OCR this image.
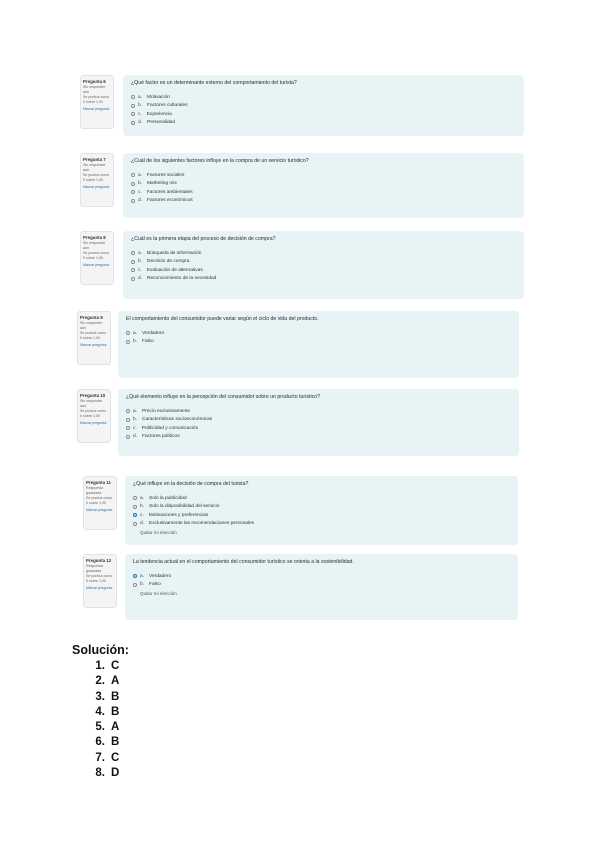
Pregunta 6
Sin responder aún
Se puntúa como 0 sobre 1,00
Marcar pregunta
¿Qué factor es un determinante externo del comportamiento del turista?
a. Motivación
b. Factores culturales
c. Experiencia
d. Personalidad
Pregunta 7
Sin responder aún
Se puntúa como 0 sobre 1,00
Marcar pregunta
¿Cuál de los siguientes factores influye en la compra de un servicio turístico?
a. Factores sociales
b. Marketing mix
c. Factores ambientales
d. Factores económicos
Pregunta 8
Sin responder aún
Se puntúa como 0 sobre 1,00
Marcar pregunta
¿Cuál es la primera etapa del proceso de decisión de compra?
a. Búsqueda de información
b. Decisión de compra
c. Evaluación de alternativas
d. Reconocimiento de la necesidad
Pregunta 9
Sin responder aún
Se puntúa como 0 sobre 1,00
Marcar pregunta
El comportamiento del consumidor puede variar según el ciclo de vida del producto.
a. Verdadero
b. Falso
Pregunta 10
Sin responder aún
Se puntúa como 0 sobre 1,00
Marcar pregunta
¿Qué elemento influye en la percepción del consumidor sobre un producto turístico?
a. Precio exclusivamente
b. Características socioeconómicas
c. Publicidad y comunicación
d. Factores políticos
Pregunta 11
Respuesta guardada
Se puntúa como 0 sobre 1,00
Marcar pregunta
¿Qué influye en la decisión de compra del turista?
a. Solo la publicidad
b. Solo la disponibilidad del servicio
c. Motivaciones y preferencias
d. Exclusivamente las recomendaciones personales
Quitar mi elección
Pregunta 12
Respuesta guardada
Se puntúa como 0 sobre 1,00
Marcar pregunta
La tendencia actual en el comportamiento del consumidor turístico se orienta a la sostenibilidad.
a. Verdadero
b. Falso
Quitar mi elección
Solución:
1. C
2. A
3. B
4. B
5. A
6. B
7. C
8. D
